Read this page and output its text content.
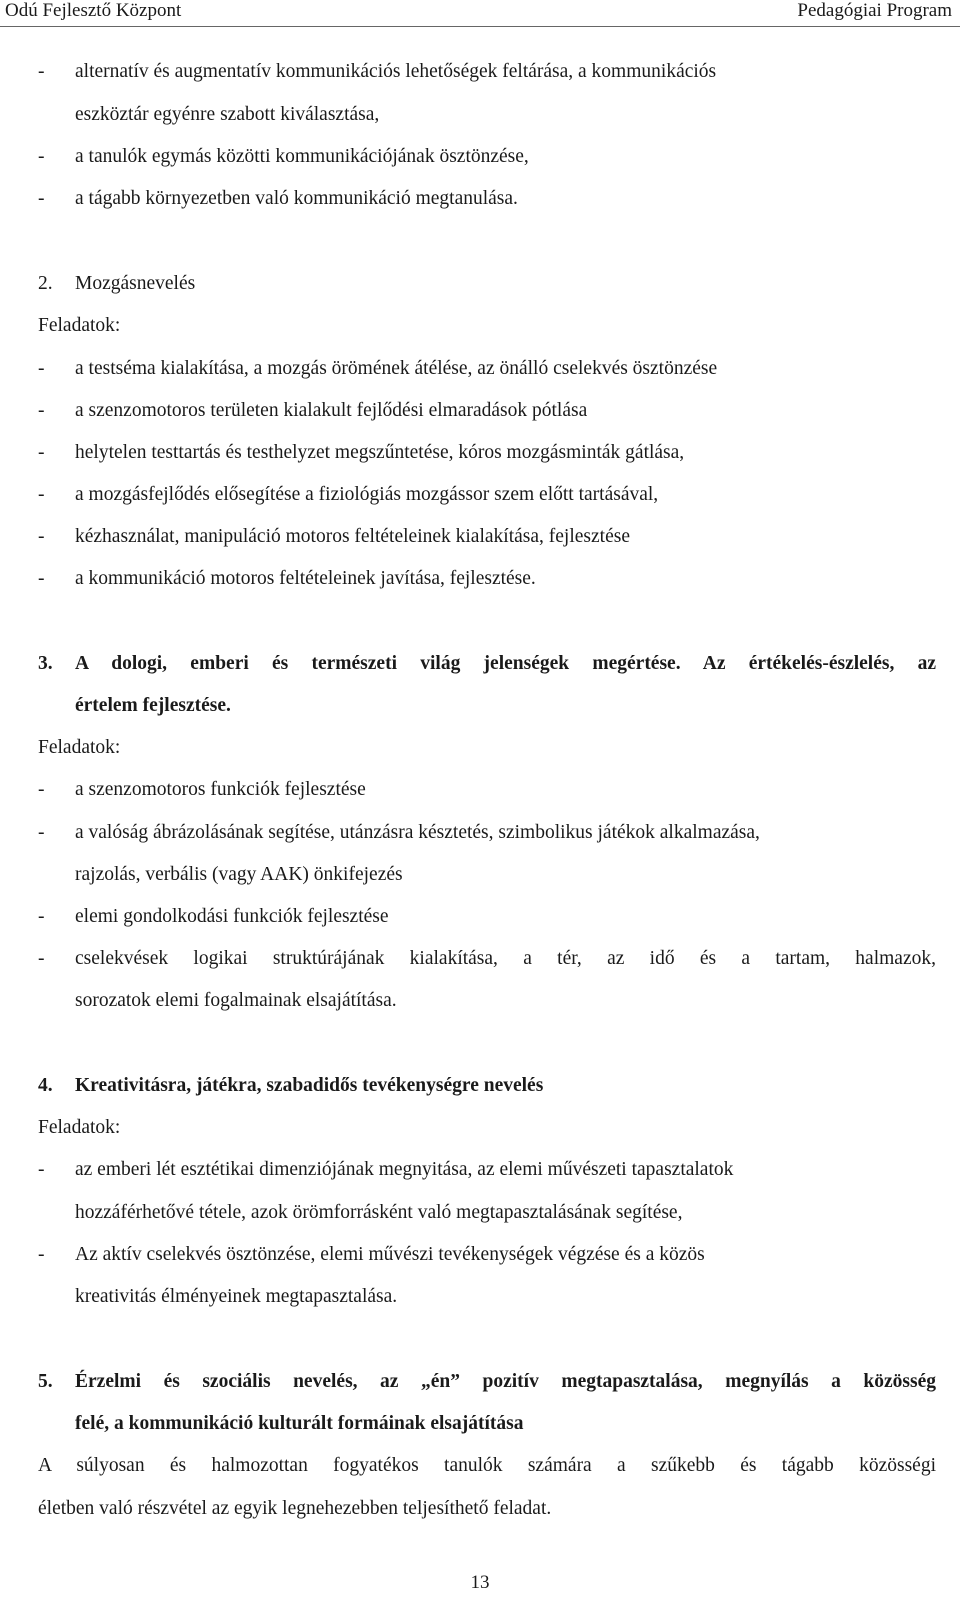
Odú Fejlesztő Központ	Pedagógiai Program
- alternatív és augmentatív kommunikációs lehetőségek feltárása, a kommunikációs
eszköztár egyénre szabott kiválasztása,
- a tanulók egymás közötti kommunikációjának ösztönzése,
- a tágabb környezetben való kommunikáció megtanulása.
2. Mozgásnevelés
Feladatok:
- a testséma kialakítása, a mozgás örömének átélése, az önálló cselekvés ösztönzése
- a szenzomotoros területen kialakult fejlődési elmaradások pótlása
- helytelen testtartás és testhelyzet megszűntetése, kóros mozgásminták gátlása,
- a mozgásfejlődés elősegítése a fiziológiás mozgássor szem előtt tartásával,
- kézhasználat, manipuláció motoros feltételeinek kialakítása, fejlesztése
- a kommunikáció motoros feltételeinek javítása, fejlesztése.
3. A dologi, emberi és természeti világ jelenségek megértése. Az értékelés-észlelés, az
értelem fejlesztése.
Feladatok:
- a szenzomotoros funkciók fejlesztése
- a valóság ábrázolásának segítése, utánzásra késztetés, szimbolikus játékok alkalmazása,
rajzolás, verbális (vagy AAK) önkifejezés
- elemi gondolkodási funkciók fejlesztése
- cselekvések logikai struktúrájának kialakítása, a tér, az idő és a tartam, halmazok,
sorozatok elemi fogalmainak elsajátítása.
4. Kreativitásra, játékra, szabadidős tevékenységre nevelés
Feladatok:
- az emberi lét esztétikai dimenziójának megnyitása, az elemi művészeti tapasztalatok
hozzáférhetővé tétele, azok örömforrásként való megtapasztalásának segítése,
- Az aktív cselekvés ösztönzése, elemi művészi tevékenységek végzése és a közös
kreativitás élményeinek megtapasztalása.
5. Érzelmi és szociális nevelés, az „én” pozitív megtapasztalása, megnyílás a közösség
felé, a kommunikáció kulturált formáinak elsajátítása
A súlyosan és halmozottan fogyatékos tanulók számára a szűkebb és tágabb közösségi
életben való részvétel az egyik legnehezebben teljesíthető feladat.
13
